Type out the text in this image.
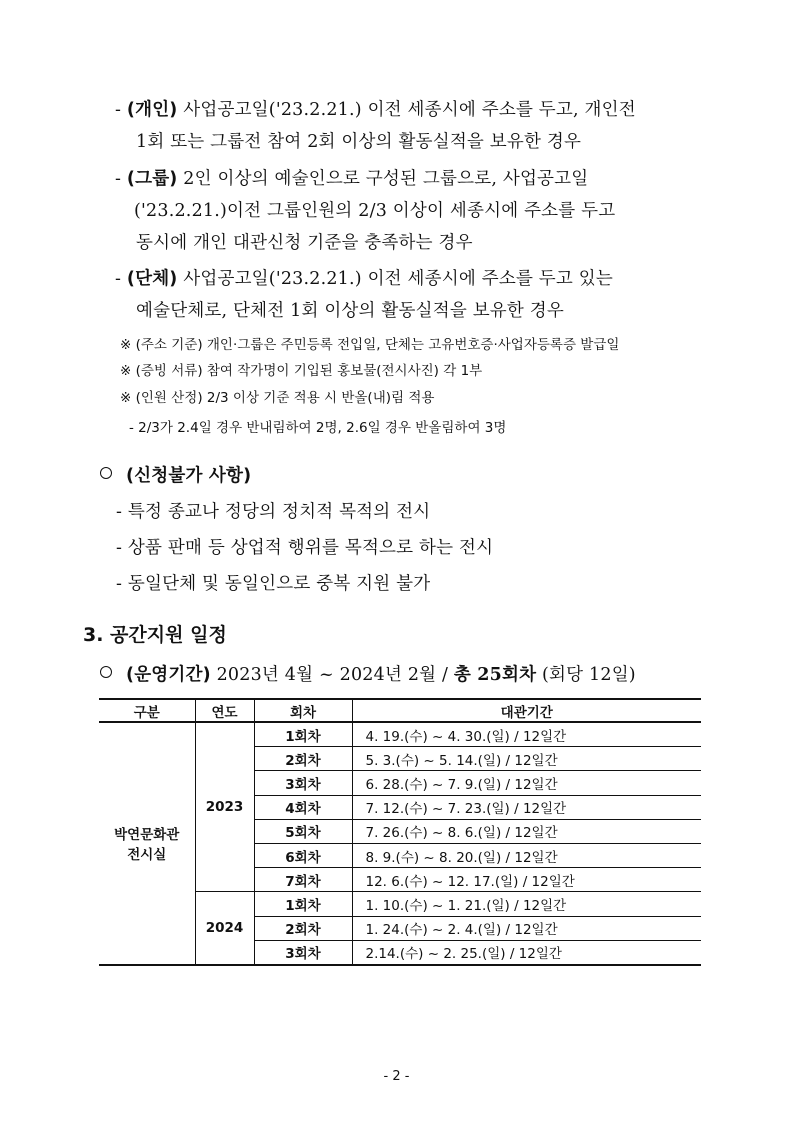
- (개인) 사업공고일('23.2.21.) 이전 세종시에 주소를 두고, 개인전
1회 또는 그룹전 참여 2회 이상의 활동실적을 보유한 경우
- (그룹) 2인 이상의 예술인으로 구성된 그룹으로, 사업공고일
('23.2.21.)이전 그룹인원의 2/3 이상이 세종시에 주소를 두고
동시에 개인 대관신청 기준을 충족하는 경우
- (단체) 사업공고일('23.2.21.) 이전 세종시에 주소를 두고 있는
예술단체로, 단체전 1회 이상의 활동실적을 보유한 경우
※ (주소 기준) 개인·그룹은 주민등록 전입일, 단체는 고유번호증·사업자등록증 발급일
※ (증빙 서류) 참여 작가명이 기입된 홍보물(전시사진) 각 1부
※ (인원 산정) 2/3 이상 기준 적용 시 반올(내)림 적용
- 2/3가 2.4일 경우 반내림하여 2명, 2.6일 경우 반올림하여 3명
(신청불가 사항)
- 특정 종교나 정당의 정치적 목적의 전시
- 상품 판매 등 상업적 행위를 목적으로 하는 전시
- 동일단체 및 동일인으로 중복 지원 불가
3. 공간지원 일정
(운영기간) 2023년 4월 ~ 2024년 2월 / 총 25회차 (회당 12일)
구분	연도	회차	대관기간

박연문화관
전시실	2023	1회차	4. 19.(수) ~ 4. 30.(일) / 12일간
		2회차	5. 3.(수) ~ 5. 14.(일) / 12일간
		3회차	6. 28.(수) ~ 7. 9.(일) / 12일간
		4회차	7. 12.(수) ~ 7. 23.(일) / 12일간
		5회차	7. 26.(수) ~ 8. 6.(일) / 12일간
		6회차	8. 9.(수) ~ 8. 20.(일) / 12일간
		7회차	12. 6.(수) ~ 12. 17.(일) / 12일간
	2024	1회차	1. 10.(수) ~ 1. 21.(일) / 12일간
		2회차	1. 24.(수) ~ 2. 4.(일) / 12일간
		3회차	2.14.(수) ~ 2. 25.(일) / 12일간
- 2 -
